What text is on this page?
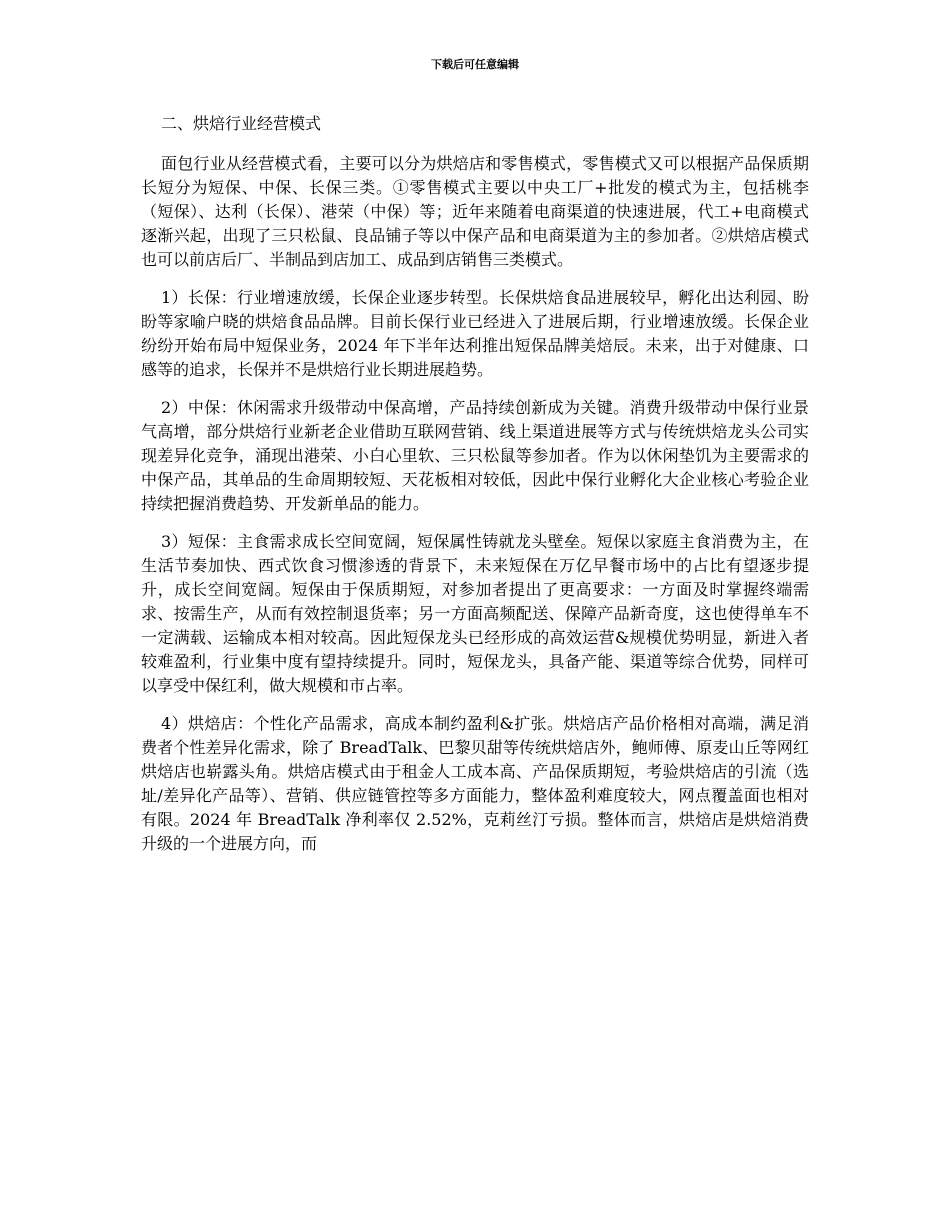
下载后可任意编辑

二、烘焙行业经营模式

面包行业从经营模式看，主要可以分为烘焙店和零售模式，零售模式又可以根据产品保质期长短分为短保、中保、长保三类。①零售模式主要以中央工厂+批发的模式为主，包括桃李（短保）、达利（长保）、港荣（中保）等；近年来随着电商渠道的快速进展，代工+电商模式逐渐兴起，出现了三只松鼠、良品铺子等以中保产品和电商渠道为主的参加者。②烘焙店模式也可以前店后厂、半制品到店加工、成品到店销售三类模式。

1）长保：行业增速放缓，长保企业逐步转型。长保烘焙食品进展较早，孵化出达利园、盼盼等家喻户晓的烘焙食品品牌。目前长保行业已经进入了进展后期，行业增速放缓。长保企业纷纷开始布局中短保业务，2024 年下半年达利推出短保品牌美焙辰。未来，出于对健康、口感等的追求，长保并不是烘焙行业长期进展趋势。

2）中保：休闲需求升级带动中保高增，产品持续创新成为关键。消费升级带动中保行业景气高增，部分烘焙行业新老企业借助互联网营销、线上渠道进展等方式与传统烘焙龙头公司实现差异化竞争，涌现出港荣、小白心里软、三只松鼠等参加者。作为以休闲垫饥为主要需求的中保产品，其单品的生命周期较短、天花板相对较低，因此中保行业孵化大企业核心考验企业持续把握消费趋势、开发新单品的能力。

3）短保：主食需求成长空间宽阔，短保属性铸就龙头壁垒。短保以家庭主食消费为主，在生活节奏加快、西式饮食习惯渗透的背景下，未来短保在万亿早餐市场中的占比有望逐步提升，成长空间宽阔。短保由于保质期短，对参加者提出了更高要求：一方面及时掌握终端需求、按需生产，从而有效控制退货率；另一方面高频配送、保障产品新奇度，这也使得单车不一定满载、运输成本相对较高。因此短保龙头已经形成的高效运营&规模优势明显，新进入者较难盈利，行业集中度有望持续提升。同时，短保龙头，具备产能、渠道等综合优势，同样可以享受中保红利，做大规模和市占率。

4）烘焙店：个性化产品需求，高成本制约盈利&扩张。烘焙店产品价格相对高端，满足消费者个性差异化需求，除了 BreadTalk、巴黎贝甜等传统烘焙店外，鲍师傅、原麦山丘等网红烘焙店也崭露头角。烘焙店模式由于租金人工成本高、产品保质期短，考验烘焙店的引流（选址/差异化产品等）、营销、供应链管控等多方面能力，整体盈利难度较大，网点覆盖面也相对有限。2024 年 BreadTalk 净利率仅 2.52%，克莉丝汀亏损。整体而言，烘焙店是烘焙消费升级的一个进展方向，而
